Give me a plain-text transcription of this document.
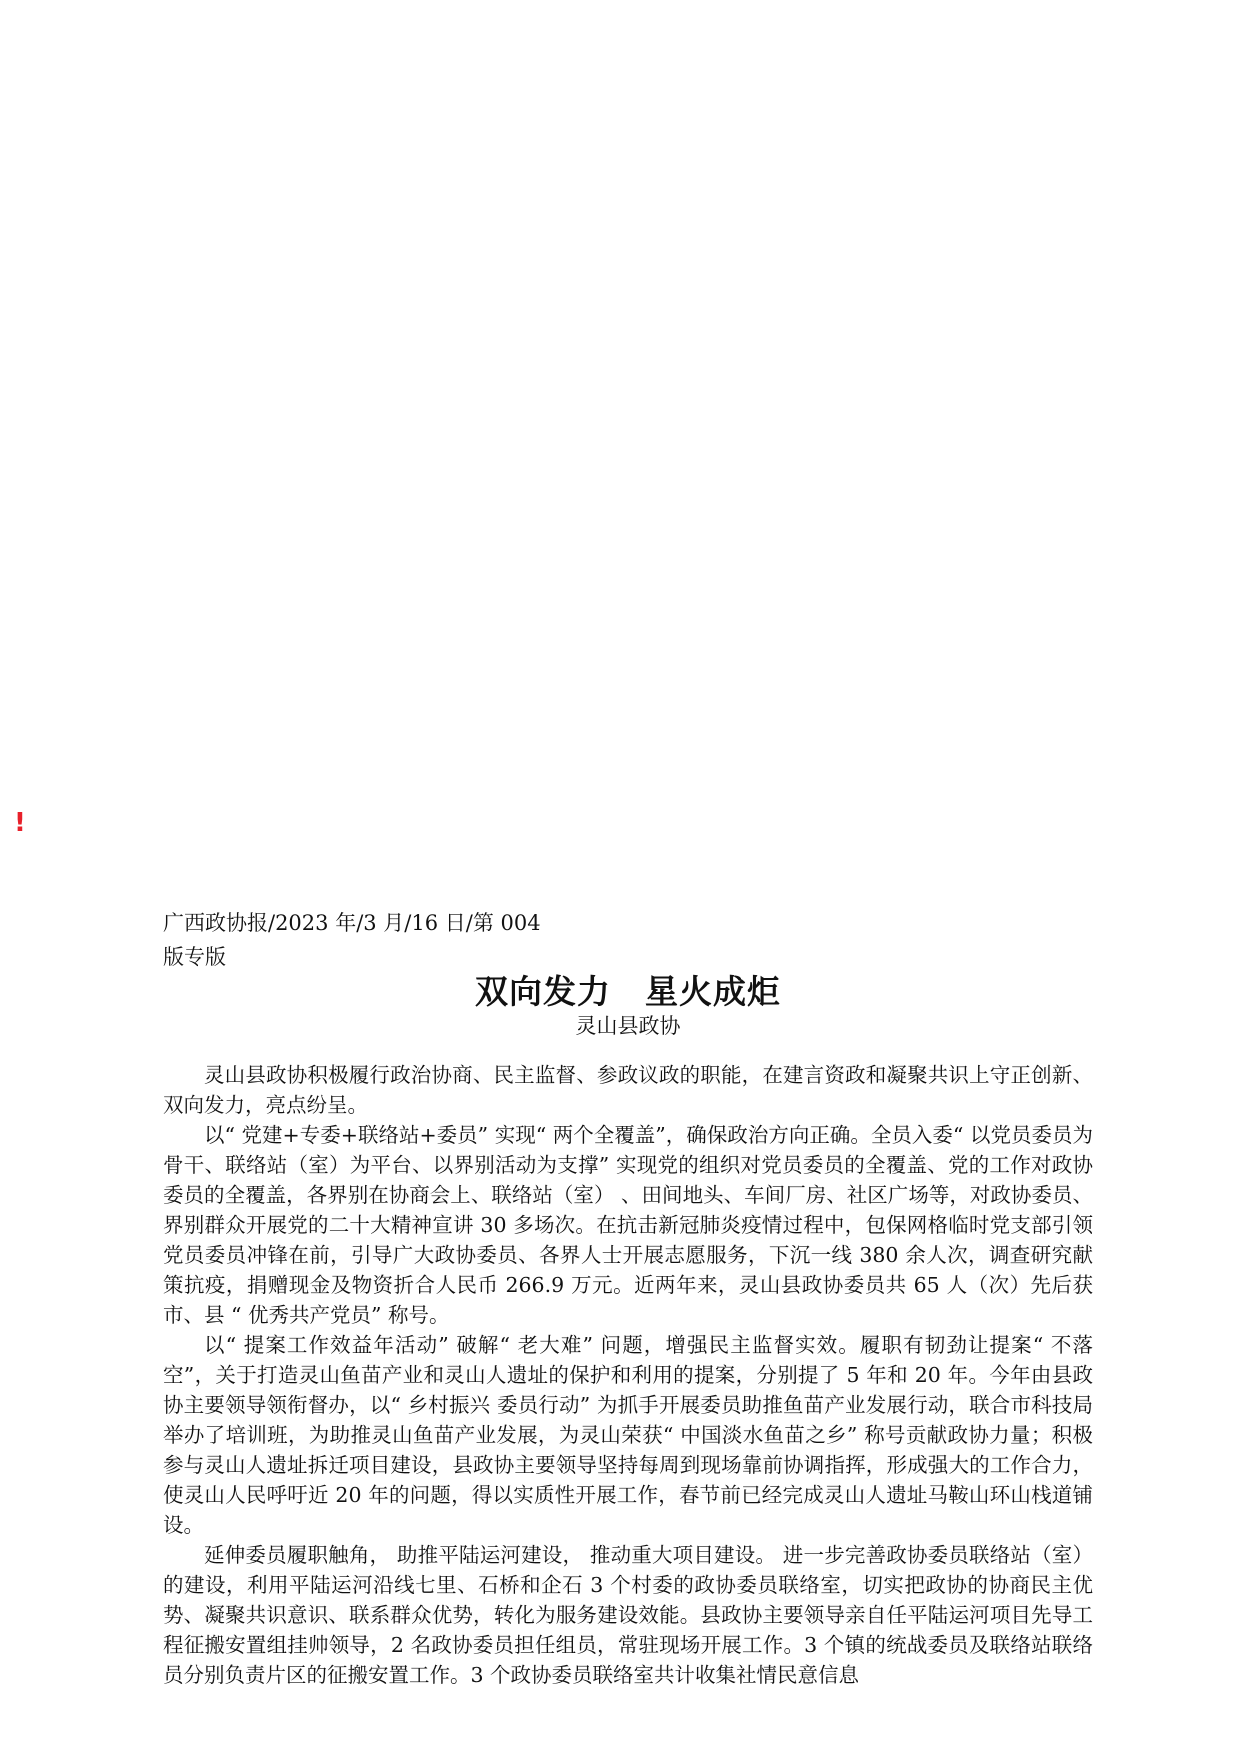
!
广西政协报/2023 年/3 月/16 日/第 004
版专版
双向发力　星火成炬
灵山县政协

灵山县政协积极履行政治协商、民主监督、参政议政的职能，在建言资政和凝聚共识上守正创新、双向发力，亮点纷呈。

以“ 党建+专委+联络站+委员” 实现“ 两个全覆盖”，确保政治方向正确。全员入委“ 以党员委员为骨干、联络站（室）为平台、以界别活动为支撑” 实现党的组织对党员委员的全覆盖、党的工作对政协委员的全覆盖，各界别在协商会上、联络站（室） 、田间地头、车间厂房、社区广场等，对政协委员、界别群众开展党的二十大精神宣讲 30 多场次。在抗击新冠肺炎疫情过程中，包保网格临时党支部引领党员委员冲锋在前，引导广大政协委员、各界人士开展志愿服务，下沉一线 380 余人次，调查研究献策抗疫，捐赠现金及物资折合人民币 266.9 万元。近两年来，灵山县政协委员共 65 人（次）先后获市、县 “ 优秀共产党员” 称号。

以“ 提案工作效益年活动” 破解“ 老大难” 问题，增强民主监督实效。履职有韧劲让提案“ 不落空”，关于打造灵山鱼苗产业和灵山人遗址的保护和利用的提案，分别提了 5 年和 20 年。今年由县政协主要领导领衔督办，以“ 乡村振兴 委员行动” 为抓手开展委员助推鱼苗产业发展行动，联合市科技局举办了培训班，为助推灵山鱼苗产业发展，为灵山荣获“ 中国淡水鱼苗之乡” 称号贡献政协力量；积极参与灵山人遗址拆迁项目建设，县政协主要领导坚持每周到现场靠前协调指挥，形成强大的工作合力，使灵山人民呼吁近 20 年的问题，得以实质性开展工作，春节前已经完成灵山人遗址马鞍山环山栈道铺设。

延伸委员履职触角， 助推平陆运河建设， 推动重大项目建设。 进一步完善政协委员联络站（室）的建设，利用平陆运河沿线七里、石桥和企石 3 个村委的政协委员联络室，切实把政协的协商民主优势、凝聚共识意识、联系群众优势，转化为服务建设效能。县政协主要领导亲自任平陆运河项目先导工程征搬安置组挂帅领导，2 名政协委员担任组员，常驻现场开展工作。3 个镇的统战委员及联络站联络员分别负责片区的征搬安置工作。3 个政协委员联络室共计收集社情民意信息
